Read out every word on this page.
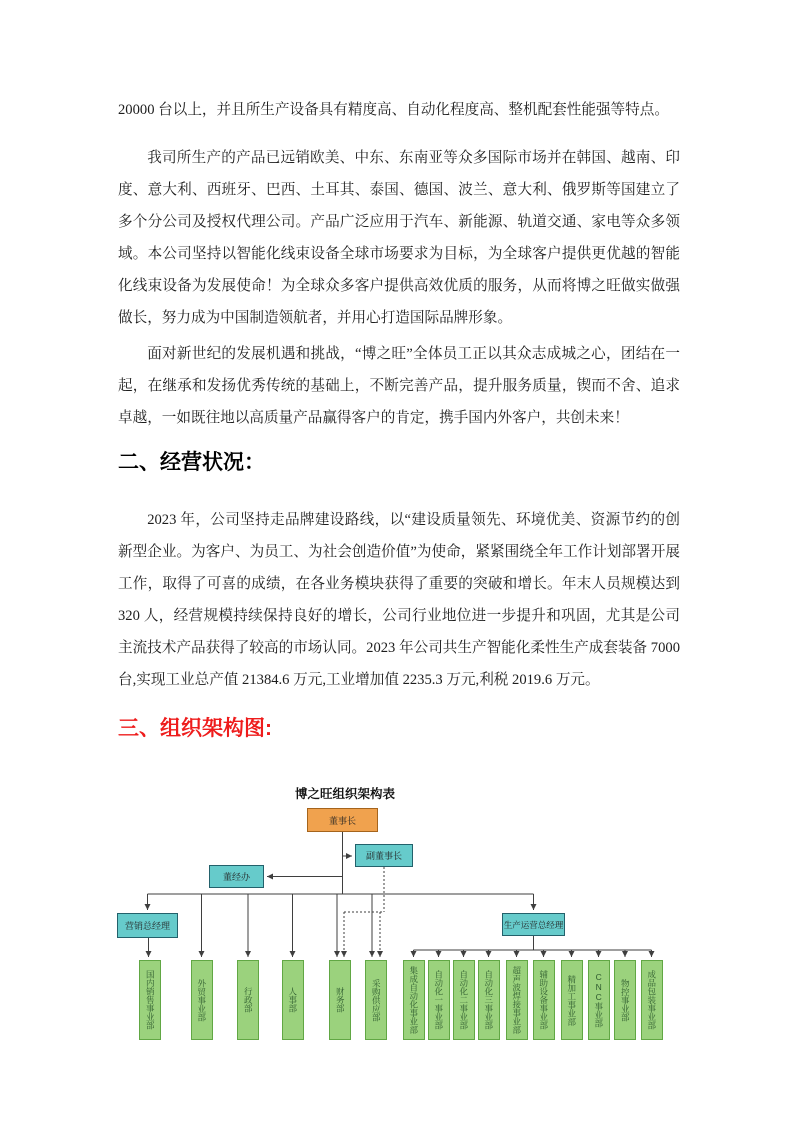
20000 台以上，并且所生产设备具有精度高、自动化程度高、整机配套性能强等特点。

我司所生产的产品已远销欧美、中东、东南亚等众多国际市场并在韩国、越南、印度、意大利、西班牙、巴西、土耳其、泰国、德国、波兰、意大利、俄罗斯等国建立了多个分公司及授权代理公司。产品广泛应用于汽车、新能源、轨道交通、家电等众多领域。本公司坚持以智能化线束设备全球市场要求为目标，为全球客户提供更优越的智能化线束设备为发展使命！为全球众多客户提供高效优质的服务，从而将博之旺做实做强做长，努力成为中国制造领航者，并用心打造国际品牌形象。

面对新世纪的发展机遇和挑战，“博之旺”全体员工正以其众志成城之心，团结在一起，在继承和发扬优秀传统的基础上，不断完善产品，提升服务质量，锲而不舍、追求卓越，一如既往地以高质量产品赢得客户的肯定，携手国内外客户，共创未来！

二、经营状况：

2023 年，公司坚持走品牌建设路线，以“建设质量领先、环境优美、资源节约的创新型企业。为客户、为员工、为社会创造价值”为使命，紧紧围绕全年工作计划部署开展工作，取得了可喜的成绩，在各业务模块获得了重要的突破和增长。年末人员规模达到 320 人，经营规模持续保持良好的增长，公司行业地位进一步提升和巩固，尤其是公司主流技术产品获得了较高的市场认同。2023 年公司共生产智能化柔性生产成套装备 7000 台,实现工业总产值 21384.6 万元,工业增加值 2235.3 万元,利税 2019.6 万元。

三、组织架构图:

博之旺组织架构表
董事长
副董事长
董经办
营销总经理	生产运营总经理
国内销售事业部	外贸事业部	行政部	人事部	财务部	采购供应部	集成自动化事业部	自动化一事业部	自动化二事业部	自动化三事业部	超声波焊接事业部	辅助设备事业部	精加工事业部	CNC事业部	物控事业部	成品包装事业部
